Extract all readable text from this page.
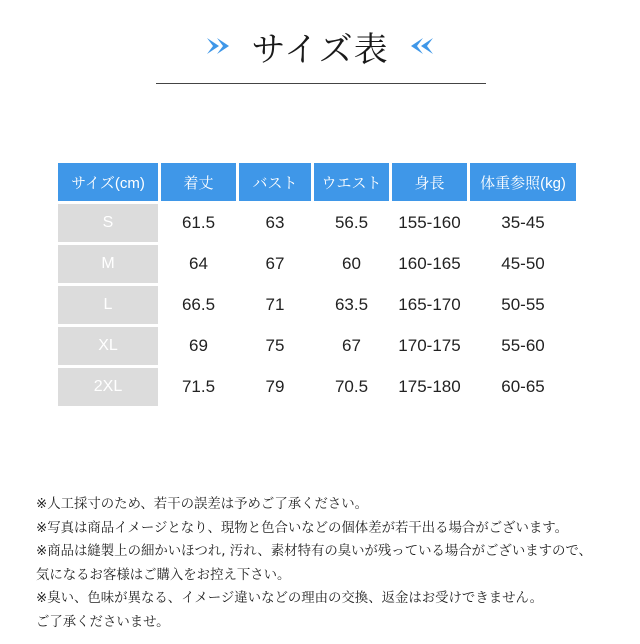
サイズ表
サイズ(cm)	着丈	バスト	ウエスト	身長	体重参照(kg)
S	61.5	63	56.5	155-160	35-45
M	64	67	60	160-165	45-50
L	66.5	71	63.5	165-170	50-55
XL	69	75	67	170-175	55-60
2XL	71.5	79	70.5	175-180	60-65
※人工採寸のため、若干の誤差は予めご了承ください。
※写真は商品イメージとなり、現物と色合いなどの個体差が若干出る場合がございます。
※商品は縫製上の細かいほつれ, 汚れ、素材特有の臭いが残っている場合がございますので、
気になるお客様はご購入をお控え下さい。
※臭い、色味が異なる、イメージ違いなどの理由の交換、返金はお受けできません。
ご了承くださいませ。
